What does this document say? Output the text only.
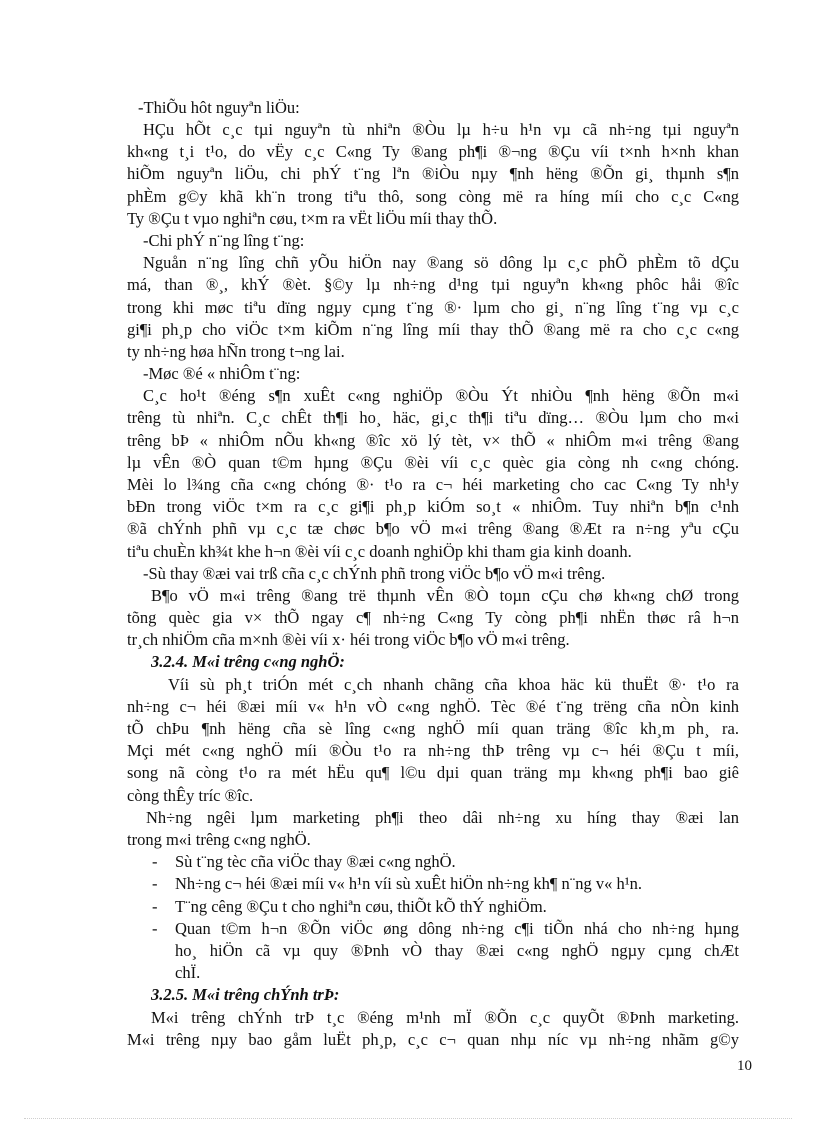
-ThiÕu hôt nguyªn liÖu:
HÇu hÕt c¸c tµi nguyªn tù nhiªn ®Òu lµ h÷u h¹n vµ cã nh÷ng tµi nguyªn
kh«ng t¸i t¹o, do vËy c¸c C«ng Ty ®ang ph¶i ®¬ng ®Çu víi t×nh h×nh khan
hiÕm nguyªn liÖu, chi phÝ t¨ng lªn ®iÒu nµy ¶nh hëng ®Õn gi¸ thµnh s¶n
phÈm g©y khã kh¨n trong tiªu thô, song còng më ra híng míi cho c¸c C«ng
Ty ®Çu t vµo nghiªn cøu, t×m ra vËt liÖu míi thay thÕ.
-Chi phÝ n¨ng lîng t¨ng:
Nguån n¨ng lîng chñ yÕu hiÖn nay ®ang sö dông lµ c¸c phÕ phÈm tõ dÇu
má, than ®¸, khÝ ®èt. §©y lµ nh÷ng d¹ng tµi nguyªn kh«ng phôc håi ®îc
trong khi møc tiªu dïng ngµy cµng t¨ng ®· lµm cho gi¸ n¨ng lîng t¨ng vµ c¸c
gi¶i ph¸p cho viÖc t×m kiÕm n¨ng lîng míi thay thÕ ®ang më ra cho c¸c c«ng
ty nh÷ng høa hÑn trong t¬ng lai.
-Møc ®é « nhiÔm t¨ng:
C¸c ho¹t ®éng s¶n xuÊt c«ng nghiÖp ®Òu Ýt nhiÒu ¶nh hëng ®Õn m«i
trêng tù nhiªn. C¸c chÊt th¶i ho¸ häc, gi¸c th¶i tiªu dïng… ®Òu lµm cho m«i
trêng bÞ « nhiÔm nÕu kh«ng ®îc xö lý tèt, v× thÕ « nhiÔm m«i trêng ®ang
lµ vÊn ®Ò quan t©m hµng ®Çu ®èi víi c¸c quèc gia còng nh c«ng chóng.
Mèi lo l¾ng cña c«ng chóng ®· t¹o ra c¬ héi marketing cho cac C«ng Ty nh¹y
bÐn trong viÖc t×m ra c¸c gi¶i ph¸p kiÓm so¸t « nhiÔm. Tuy nhiªn b¶n c¹nh
®ã chÝnh phñ vµ c¸c tæ chøc b¶o vÖ m«i trêng ®ang ®Æt ra n÷ng yªu cÇu
tiªu chuÈn kh¾t khe h¬n ®èi víi c¸c doanh nghiÖp khi tham gia kinh doanh.
-Sù thay ®æi vai trß cña c¸c chÝnh phñ trong viÖc b¶o vÖ m«i trêng.
B¶o vÖ m«i trêng ®ang trë thµnh vÊn ®Ò toµn cÇu chø kh«ng chØ trong
tõng quèc gia v× thÕ ngay c¶ nh÷ng C«ng Ty còng ph¶i nhËn thøc râ h¬n
tr¸ch nhiÖm cña m×nh ®èi víi x· héi trong viÖc b¶o vÖ m«i trêng.
3.2.4. M«i trêng c«ng nghÖ:
Víi sù ph¸t triÓn mét c¸ch nhanh chãng cña khoa häc kü thuËt ®· t¹o ra
nh÷ng c¬ héi ®æi míi v« h¹n vÒ c«ng nghÖ. Tèc ®é t¨ng trëng cña nÒn kinh
tÕ chÞu ¶nh hëng cña sè lîng c«ng nghÖ míi quan träng ®îc kh¸m ph¸ ra.
Mçi mét c«ng nghÖ míi ®Òu t¹o ra nh÷ng thÞ trêng vµ c¬ héi ®Çu t míi,
song nã còng t¹o ra mét hËu qu¶ l©u dµi quan träng mµ kh«ng ph¶i bao giê
còng thÊy tríc ®îc.
Nh÷ng ngêi lµm marketing ph¶i theo dâi nh÷ng xu híng thay ®æi lan
trong m«i trêng c«ng nghÖ.
- Sù t¨ng tèc cña viÖc thay ®æi c«ng nghÖ.
- Nh÷ng c¬ héi ®æi míi v« h¹n víi sù xuÊt hiÖn nh÷ng kh¶ n¨ng v« h¹n.
- T¨ng cêng ®Çu t cho nghiªn cøu, thiÕt kÕ thÝ nghiÖm.
- Quan t©m h¬n ®Õn viÖc øng dông nh÷ng c¶i tiÕn nhá cho nh÷ng hµng
ho¸ hiÖn cã vµ quy ®Þnh vÒ thay ®æi c«ng nghÖ ngµy cµng chÆt
chÏ.
3.2.5. M«i trêng chÝnh trÞ:
M«i trêng chÝnh trÞ t¸c ®éng m¹nh mÏ ®Õn c¸c quyÕt ®Þnh marketing.
M«i trêng nµy bao gåm luËt ph¸p, c¸c c¬ quan nhµ níc vµ nh÷ng nhãm g©y
10
